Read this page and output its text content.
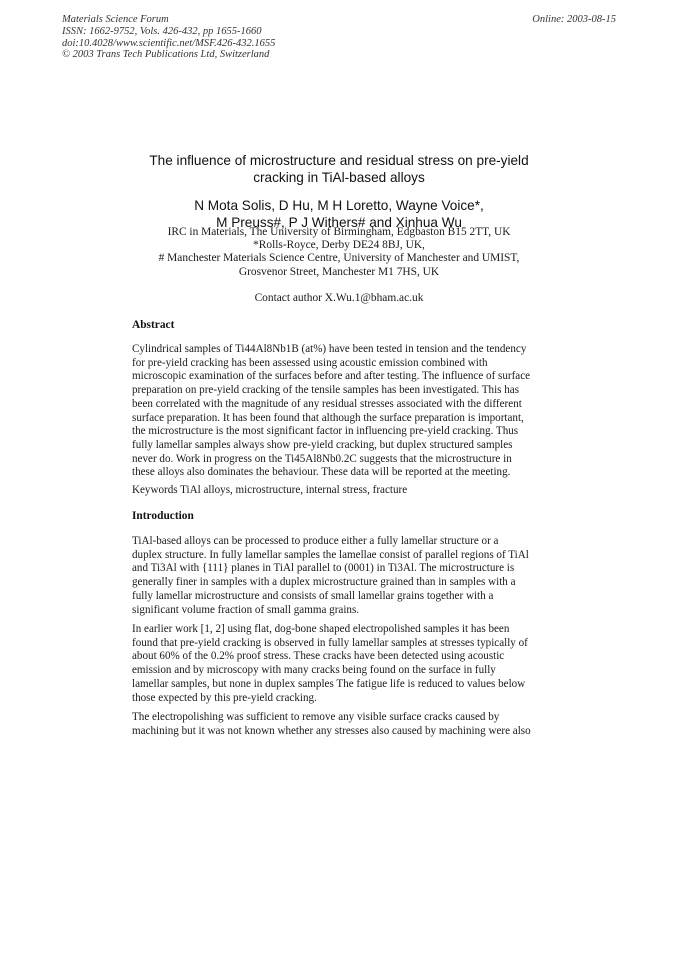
Materials Science Forum
ISSN: 1662-9752, Vols. 426-432, pp 1655-1660
doi:10.4028/www.scientific.net/MSF.426-432.1655
© 2003 Trans Tech Publications Ltd, Switzerland
Online: 2003-08-15
The influence of microstructure and residual stress on pre-yield
cracking in TiAl-based alloys
N Mota Solis, D Hu, M H Loretto, Wayne Voice*,
M Preuss#, P J Withers# and Xinhua Wu
IRC in Materials, The University of Birmingham, Edgbaston B15 2TT, UK
*Rolls-Royce, Derby DE24 8BJ, UK,
# Manchester Materials Science Centre, University of Manchester and UMIST,
Grosvenor Street, Manchester M1 7HS, UK
Contact author X.Wu.1@bham.ac.uk
Abstract
Cylindrical samples of Ti44Al8Nb1B (at%) have been tested in tension and the tendency
for pre-yield cracking has been assessed using acoustic emission combined with
microscopic examination of the surfaces before and after testing. The influence of surface
preparation on pre-yield cracking of the tensile samples has been investigated. This has
been correlated with the magnitude of any residual stresses associated with the different
surface preparation. It has been found that although the surface preparation is important,
the microstructure is the most significant factor in influencing pre-yield cracking. Thus
fully lamellar samples always show pre-yield cracking, but duplex structured samples
never do. Work in progress on the Ti45Al8Nb0.2C suggests that the microstructure in
these alloys also dominates the behaviour. These data will be reported at the meeting.
Keywords TiAl alloys, microstructure, internal stress, fracture
Introduction
TiAl-based alloys can be processed to produce either a fully lamellar structure or a
duplex structure. In fully lamellar samples the lamellae consist of parallel regions of TiAl
and Ti3Al with {111} planes in TiAl parallel to (0001) in Ti3Al. The microstructure is
generally finer in samples with a duplex microstructure grained than in samples with a
fully lamellar microstructure and consists of small lamellar grains together with a
significant volume fraction of small gamma grains.
In earlier work [1, 2] using flat, dog-bone shaped electropolished samples it has been
found that pre-yield cracking is observed in fully lamellar samples at stresses typically of
about 60% of the 0.2% proof stress. These cracks have been detected using acoustic
emission and by microscopy with many cracks being found on the surface in fully
lamellar samples, but none in duplex samples The fatigue life is reduced to values below
those expected by this pre-yield cracking.
The electropolishing was sufficient to remove any visible surface cracks caused by
machining but it was not known whether any stresses also caused by machining were also
